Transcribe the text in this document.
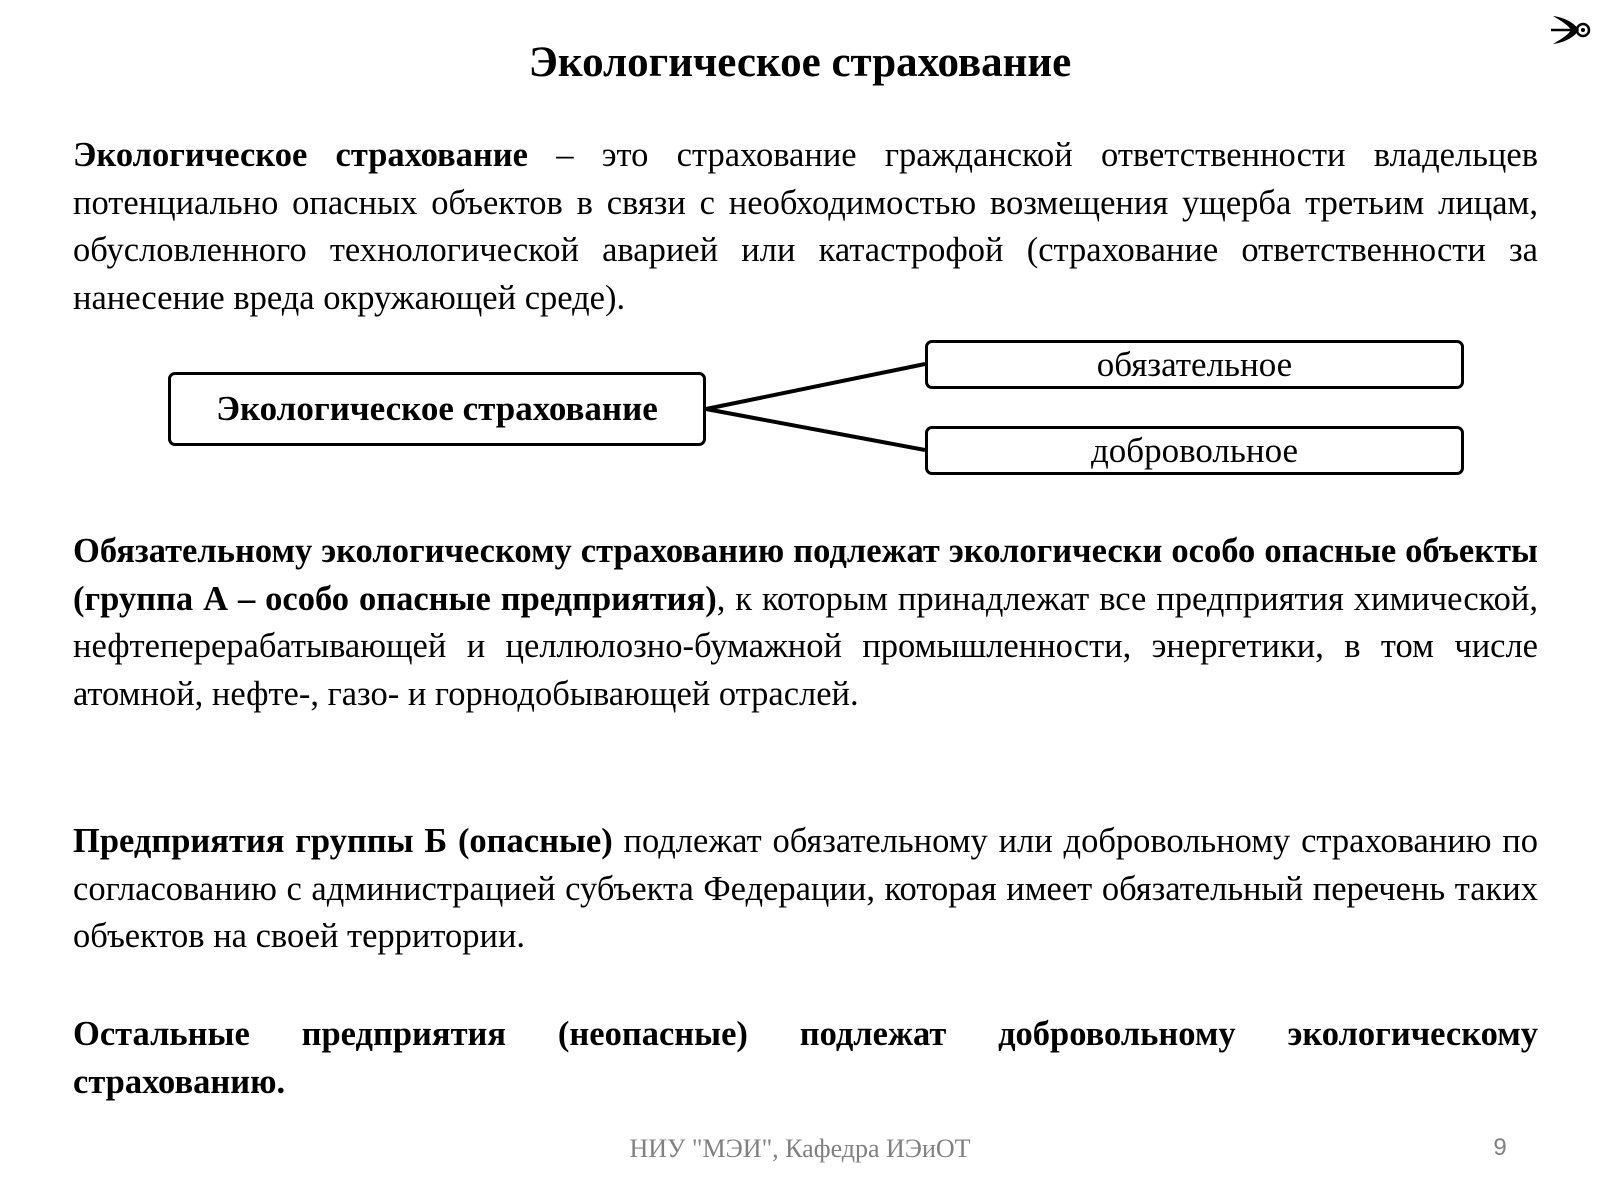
Экологическое страхование
Экологическое страхование – это страхование гражданской ответственности владельцев потенциально опасных объектов в связи с необходимостью возмещения ущерба третьим лицам, обусловленного технологической аварией или катастрофой (страхование ответственности за нанесение вреда окружающей среде).
Экологическое страхование
обязательное
добровольное
Обязательному экологическому страхованию подлежат экологически особо опасные объекты (группа А – особо опасные предприятия), к которым принадлежат все предприятия химической, нефтеперерабатывающей и целлюлозно-бумажной промышленности, энергетики, в том числе атомной, нефте-, газо- и горнодобывающей отраслей.
Предприятия группы Б (опасные) подлежат обязательному или добровольному страхованию по согласованию с администрацией субъекта Федерации, которая имеет обязательный перечень таких объектов на своей территории.
Остальные предприятия (неопасные) подлежат добровольному экологическому страхованию.
НИУ "МЭИ", Кафедра ИЭиОТ	9
